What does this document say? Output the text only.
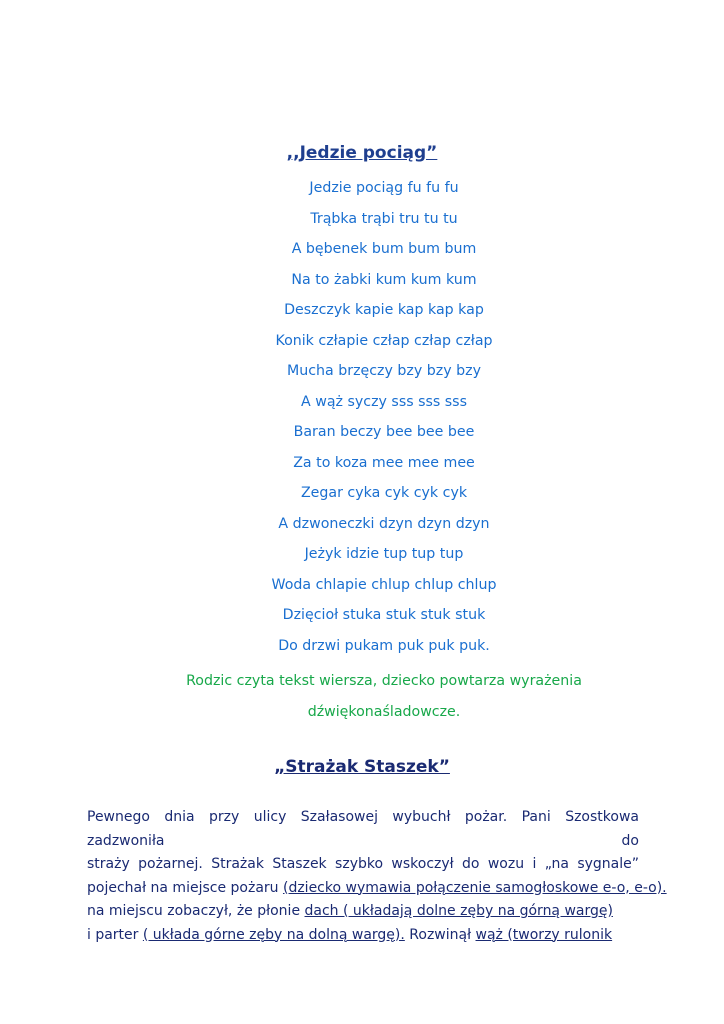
,,Jedzie pociąg”
Jedzie pociąg fu fu fu
Trąbka trąbi tru tu tu
A bębenek bum bum bum
Na to żabki kum kum kum
Deszczyk kapie kap kap kap
Konik człapie człap człap człap
Mucha brzęczy bzy bzy bzy
A wąż syczy sss sss sss
Baran beczy bee bee bee
Za to koza mee mee mee
Zegar cyka cyk cyk cyk
A dzwoneczki dzyn dzyn dzyn
Jeżyk idzie tup tup tup
Woda chlapie chlup chlup chlup
Dzięcioł stuka stuk stuk stuk
Do drzwi pukam puk puk puk.
Rodzic czyta tekst wiersza, dziecko powtarza wyrażenia
dźwiękonaśladowcze.
„Strażak Staszek”
Pewnego dnia przy ulicy Szałasowej wybuchł pożar. Pani Szostkowa zadzwoniła do
straży pożarnej. Strażak Staszek szybko wskoczył do wozu i „na sygnale”
pojechał na miejsce pożaru (dziecko wymawia połączenie samogłoskowe e-o, e-o).
na miejscu zobaczył, że płonie dach ( układają dolne zęby na górną wargę)
i parter ( układa górne zęby na dolną wargę). Rozwinął wąż (tworzy rulonik
